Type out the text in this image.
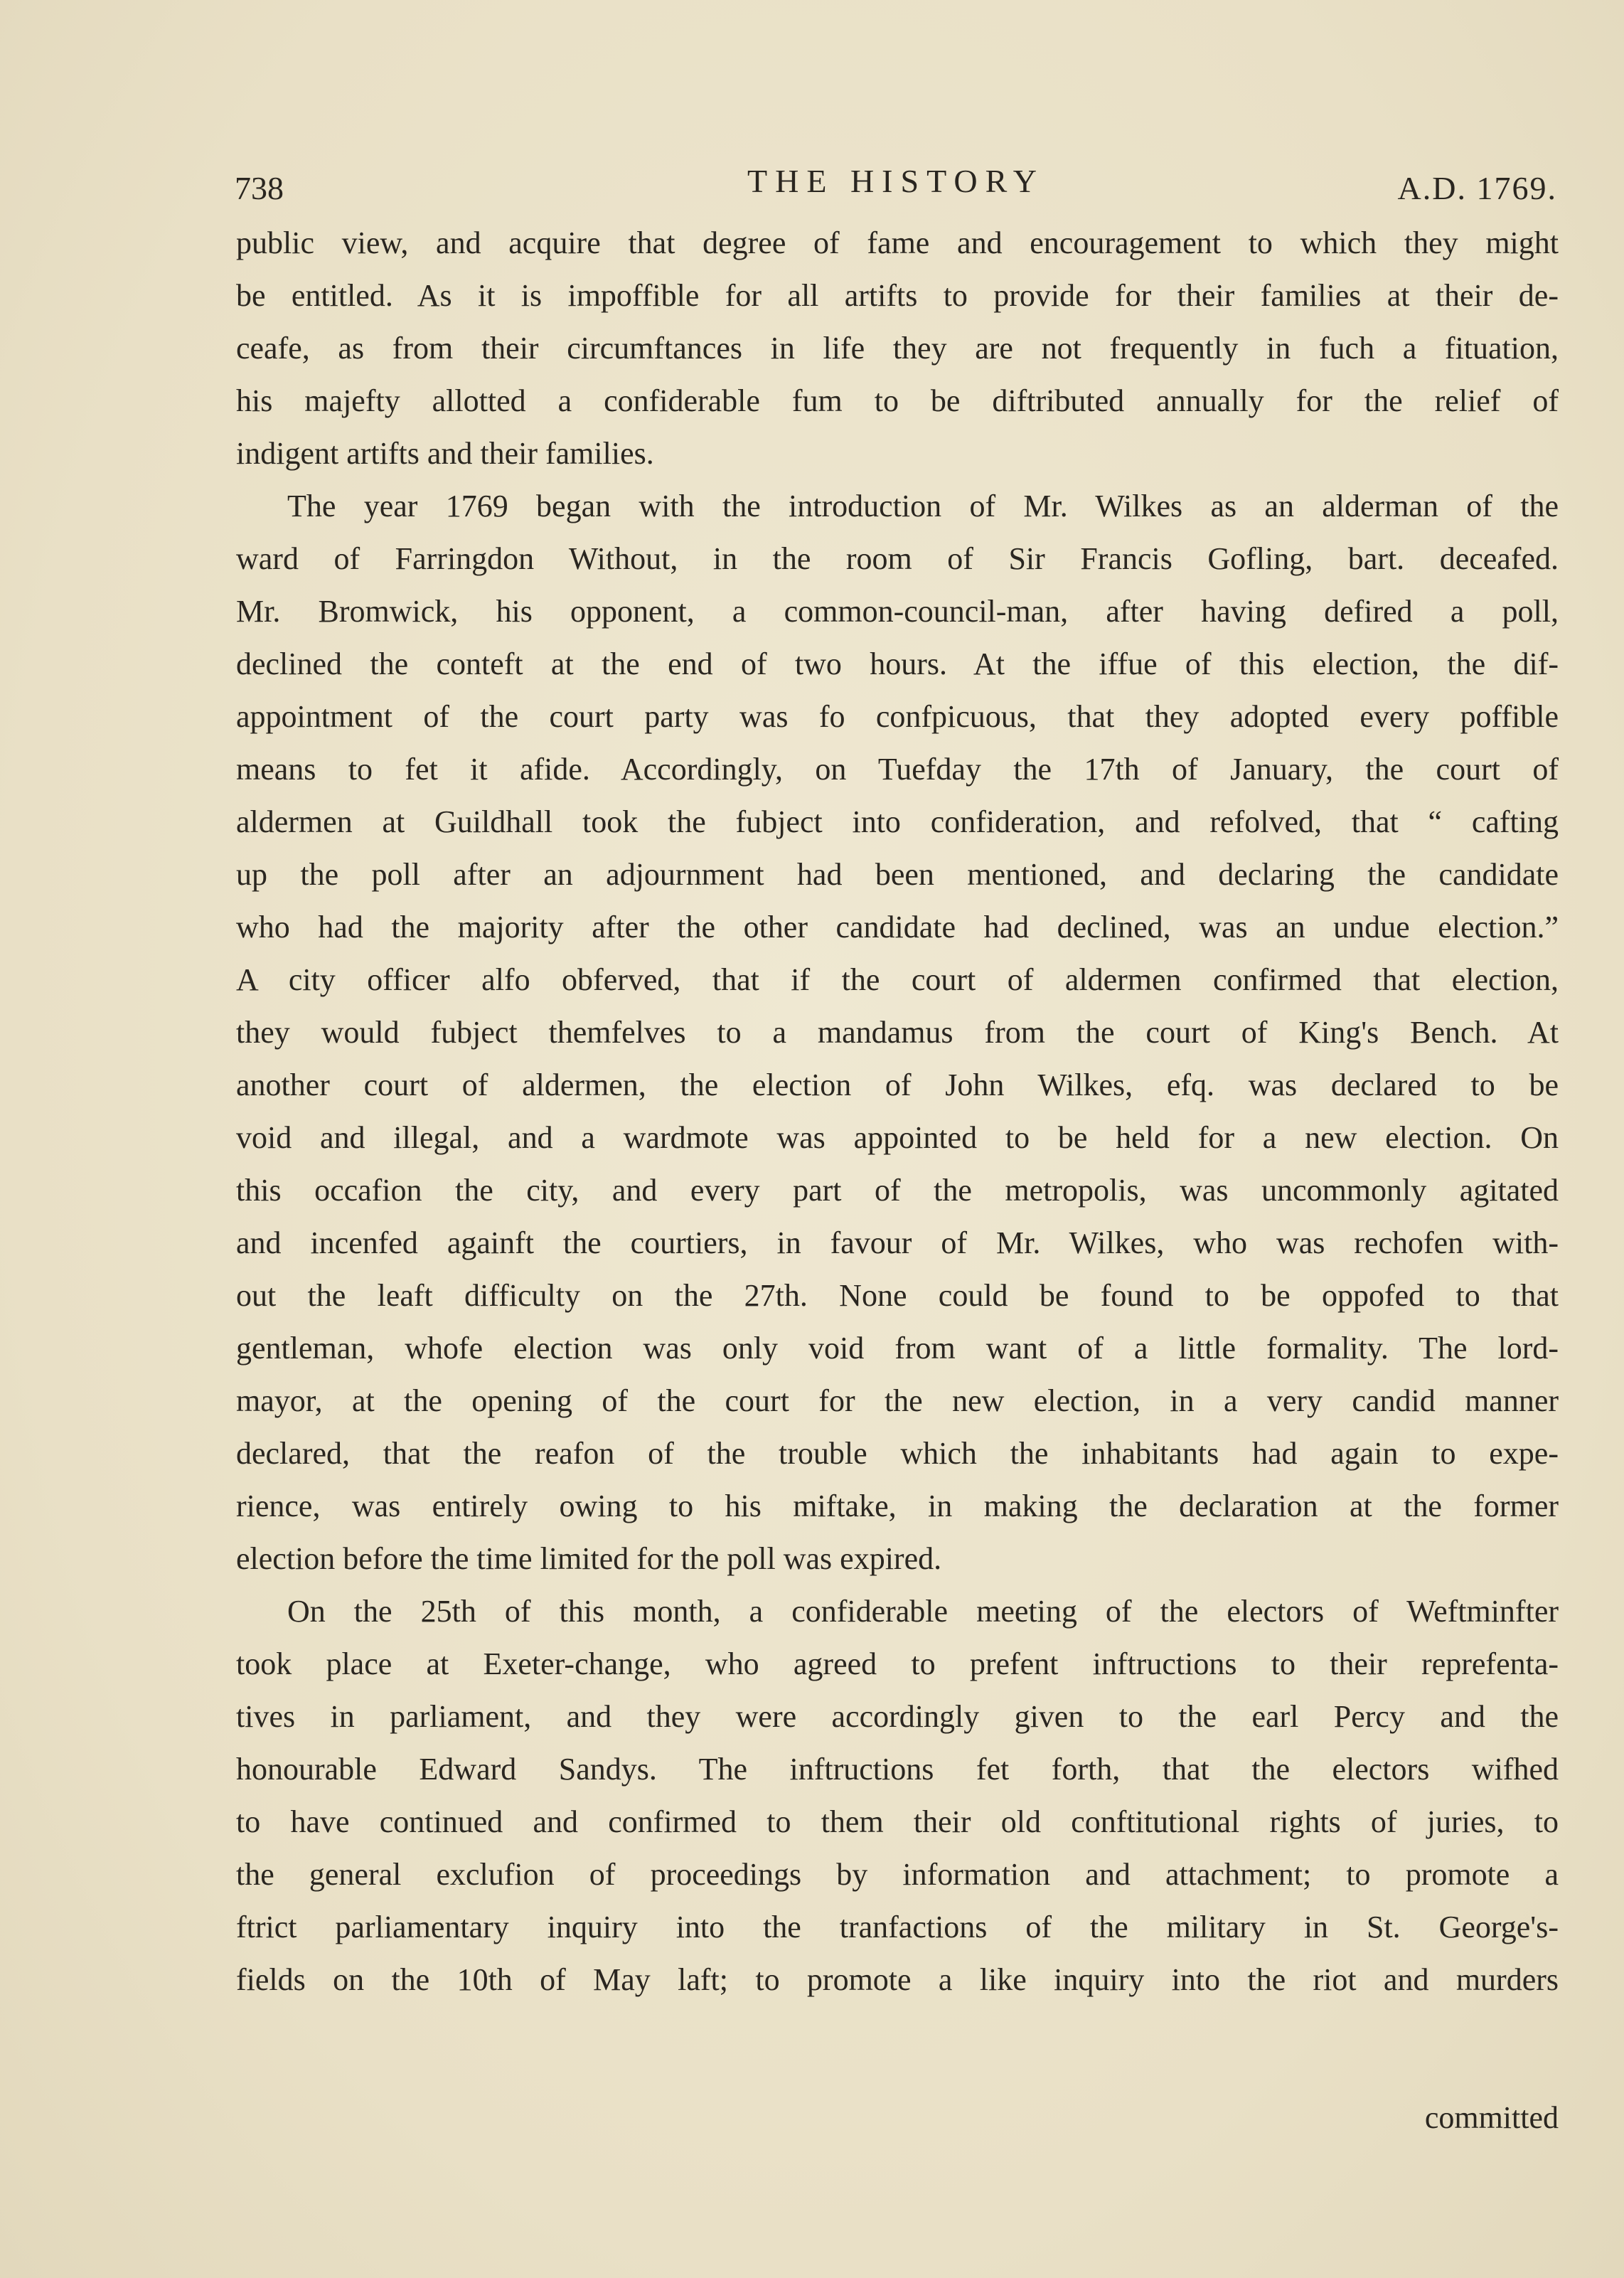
738	THE HISTORY	A.D. 1769.
public view, and acquire that degree of fame and encouragement to which they might
be entitled. As it is impoffible for all artifts to provide for their families at their de-
ceafe, as from their circumftances in life they are not frequently in fuch a fituation,
his majefty allotted a confiderable fum to be diftributed annually for the relief of
indigent artifts and their families.
The year 1769 began with the introduction of Mr. Wilkes as an alderman of the
ward of Farringdon Without, in the room of Sir Francis Gofling, bart. deceafed.
Mr. Bromwick, his opponent, a common-council-man, after having defired a poll,
declined the conteft at the end of two hours. At the iffue of this election, the dif-
appointment of the court party was fo confpicuous, that they adopted every poffible
means to fet it afide. Accordingly, on Tuefday the 17th of January, the court of
aldermen at Guildhall took the fubject into confideration, and refolved, that “ cafting
up the poll after an adjournment had been mentioned, and declaring the candidate
who had the majority after the other candidate had declined, was an undue election.”
A city officer alfo obferved, that if the court of aldermen confirmed that election,
they would fubject themfelves to a mandamus from the court of King's Bench. At
another court of aldermen, the election of John Wilkes, efq. was declared to be
void and illegal, and a wardmote was appointed to be held for a new election. On
this occafion the city, and every part of the metropolis, was uncommonly agitated
and incenfed againft the courtiers, in favour of Mr. Wilkes, who was rechofen with-
out the leaft difficulty on the 27th. None could be found to be oppofed to that
gentleman, whofe election was only void from want of a little formality. The lord-
mayor, at the opening of the court for the new election, in a very candid manner
declared, that the reafon of the trouble which the inhabitants had again to expe-
rience, was entirely owing to his miftake, in making the declaration at the former
election before the time limited for the poll was expired.
On the 25th of this month, a confiderable meeting of the electors of Weftminfter
took place at Exeter-change, who agreed to prefent inftructions to their reprefenta-
tives in parliament, and they were accordingly given to the earl Percy and the
honourable Edward Sandys. The inftructions fet forth, that the electors wifhed
to have continued and confirmed to them their old conftitutional rights of juries, to
the general exclufion of proceedings by information and attachment; to promote a
ftrict parliamentary inquiry into the tranfactions of the military in St. George's-
fields on the 10th of May laft; to promote a like inquiry into the riot and murders
committed
